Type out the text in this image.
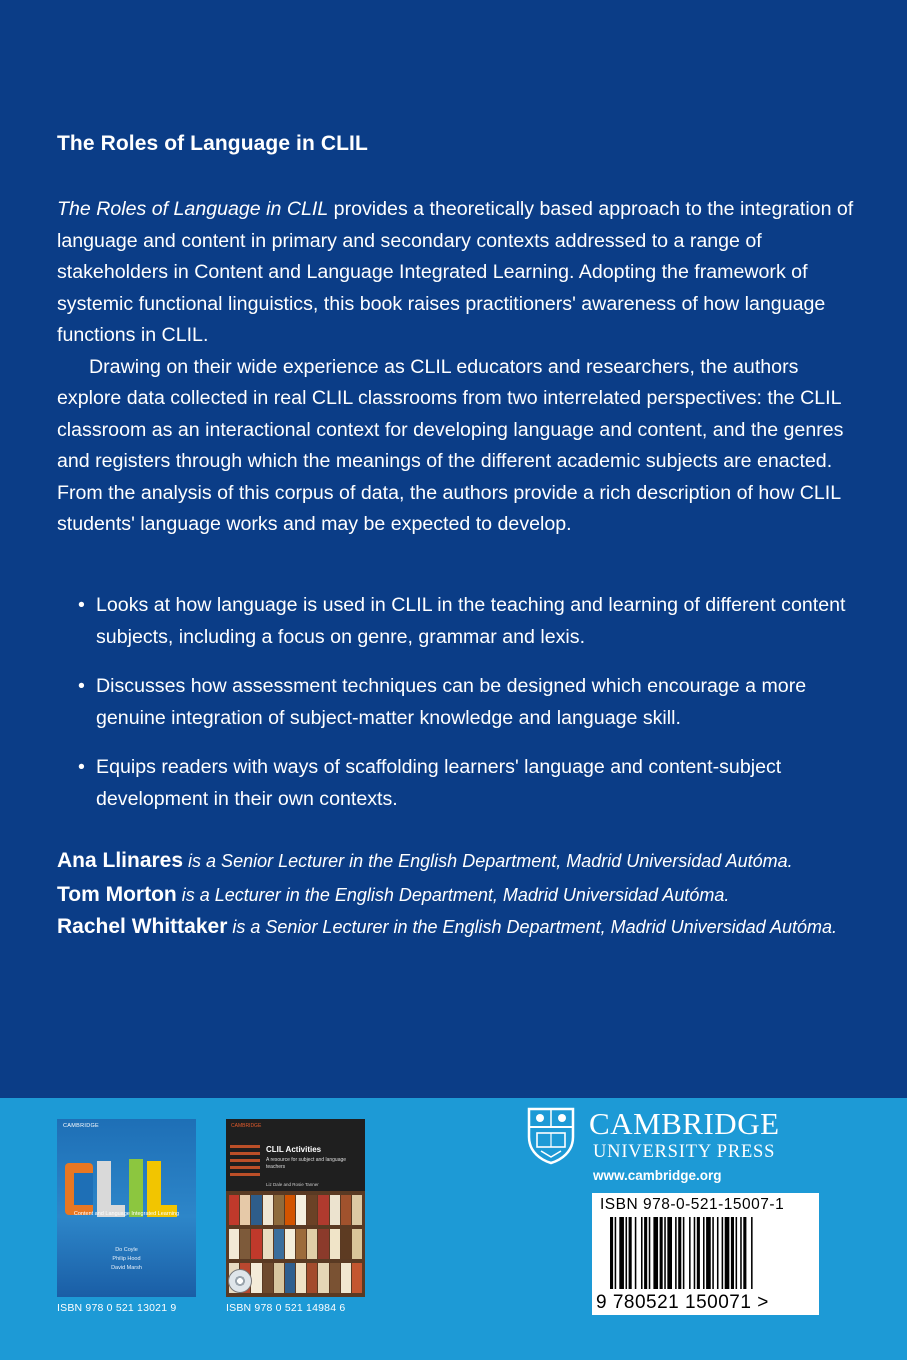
The Roles of Language in CLIL

The Roles of Language in CLIL provides a theoretically based approach to the integration of language and content in primary and secondary contexts addressed to a range of stakeholders in Content and Language Integrated Learning. Adopting the framework of systemic functional linguistics, this book raises practitioners' awareness of how language functions in CLIL.

Drawing on their wide experience as CLIL educators and researchers, the authors explore data collected in real CLIL classrooms from two interrelated perspectives: the CLIL classroom as an interactional context for developing language and content, and the genres and registers through which the meanings of the different academic subjects are enacted. From the analysis of this corpus of data, the authors provide a rich description of how CLIL students' language works and may be expected to develop.

• Looks at how language is used in CLIL in the teaching and learning of different content subjects, including a focus on genre, grammar and lexis.
• Discusses how assessment techniques can be designed which encourage a more genuine integration of subject-matter knowledge and language skill.
• Equips readers with ways of scaffolding learners' language and content-subject development in their own contexts.
Ana Llinares is a Senior Lecturer in the English Department, Madrid Universidad Autóma.
Tom Morton is a Lecturer in the English Department, Madrid Universidad Autóma.
Rachel Whittaker is a Senior Lecturer in the English Department, Madrid Universidad Autóma.
CAMBRIDGE
Content and Language Integrated Learning
Do Coyle
Philip Hood
David Marsh
ISBN 978 0 521 13021 9
CAMBRIDGE
CLIL Activities
A resource for subject and language teachers
Liz Dale and Rosie Tanner
ISBN 978 0 521 14984 6
CAMBRIDGE
UNIVERSITY PRESS
www.cambridge.org
ISBN 978-0-521-15007-1
9 780521 150071 >
